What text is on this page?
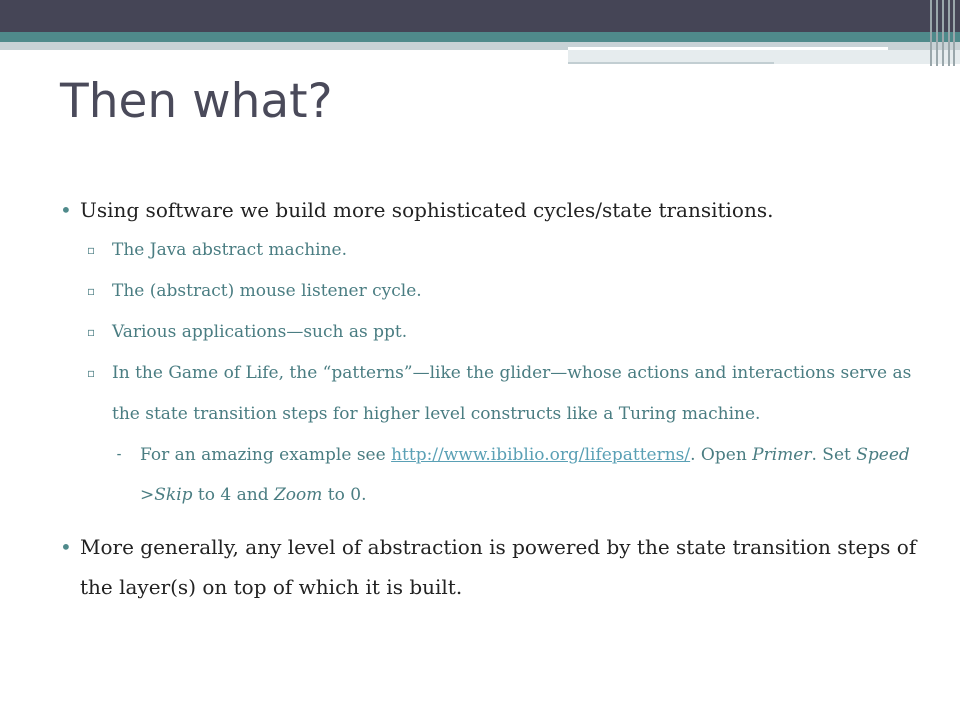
Then what?
• Using software we build more sophisticated cycles/state transitions.
▫ The Java abstract machine.
▫ The (abstract) mouse listener cycle.
▫ Various applications—such as ppt.
▫ In the Game of Life, the “patterns”—like the glider—whose actions and interactions serve as the state transition steps for higher level constructs like a Turing machine.
⁃ For an amazing example see http://www.ibiblio.org/lifepatterns/. Open Primer. Set Speed >Skip to 4 and Zoom to 0.
• More generally, any level of abstraction is powered by the state transition steps of the layer(s) on top of which it is built.
